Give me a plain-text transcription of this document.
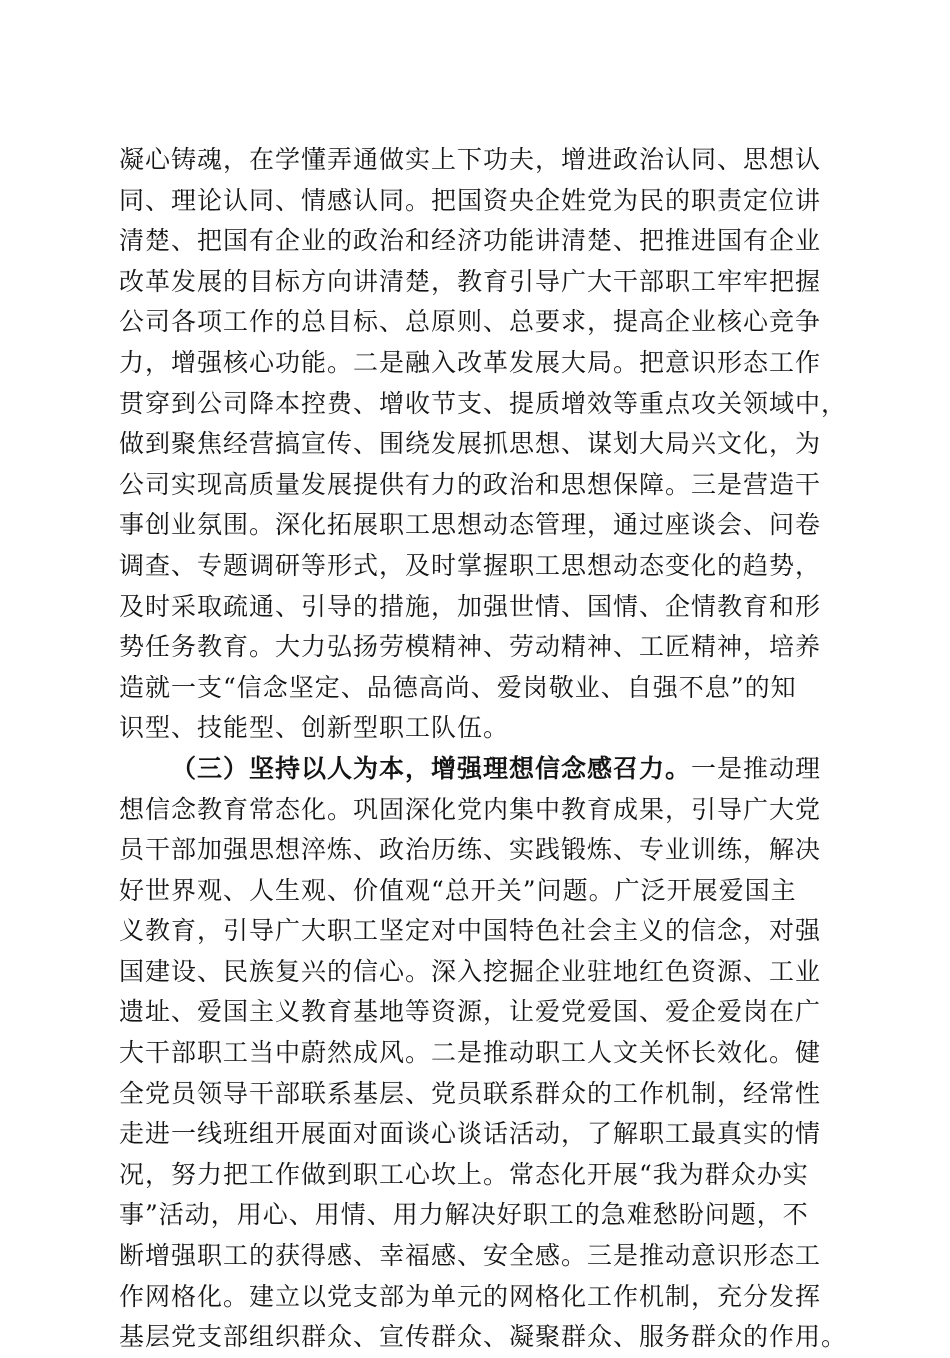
凝心铸魂，在学懂弄通做实上下功夫，增进政治认同、思想认
同、理论认同、情感认同。把国资央企姓党为民的职责定位讲
清楚、把国有企业的政治和经济功能讲清楚、把推进国有企业
改革发展的目标方向讲清楚，教育引导广大干部职工牢牢把握
公司各项工作的总目标、总原则、总要求，提高企业核心竞争
力，增强核心功能。二是融入改革发展大局。把意识形态工作
贯穿到公司降本控费、增收节支、提质增效等重点攻关领域中，
做到聚焦经营搞宣传、围绕发展抓思想、谋划大局兴文化，为
公司实现高质量发展提供有力的政治和思想保障。三是营造干
事创业氛围。深化拓展职工思想动态管理，通过座谈会、问卷
调查、专题调研等形式，及时掌握职工思想动态变化的趋势，
及时采取疏通、引导的措施，加强世情、国情、企情教育和形
势任务教育。大力弘扬劳模精神、劳动精神、工匠精神，培养
造就一支“信念坚定、品德高尚、爱岗敬业、自强不息”的知
识型、技能型、创新型职工队伍。
（三）坚持以人为本，增强理想信念感召力。一是推动理
想信念教育常态化。巩固深化党内集中教育成果，引导广大党
员干部加强思想淬炼、政治历练、实践锻炼、专业训练，解决
好世界观、人生观、价值观“总开关”问题。广泛开展爱国主
义教育，引导广大职工坚定对中国特色社会主义的信念，对强
国建设、民族复兴的信心。深入挖掘企业驻地红色资源、工业
遗址、爱国主义教育基地等资源，让爱党爱国、爱企爱岗在广
大干部职工当中蔚然成风。二是推动职工人文关怀长效化。健
全党员领导干部联系基层、党员联系群众的工作机制，经常性
走进一线班组开展面对面谈心谈话活动，了解职工最真实的情
况，努力把工作做到职工心坎上。常态化开展“我为群众办实
事”活动，用心、用情、用力解决好职工的急难愁盼问题，不
断增强职工的获得感、幸福感、安全感。三是推动意识形态工
作网格化。建立以党支部为单元的网格化工作机制，充分发挥
基层党支部组织群众、宣传群众、凝聚群众、服务群众的作用。
